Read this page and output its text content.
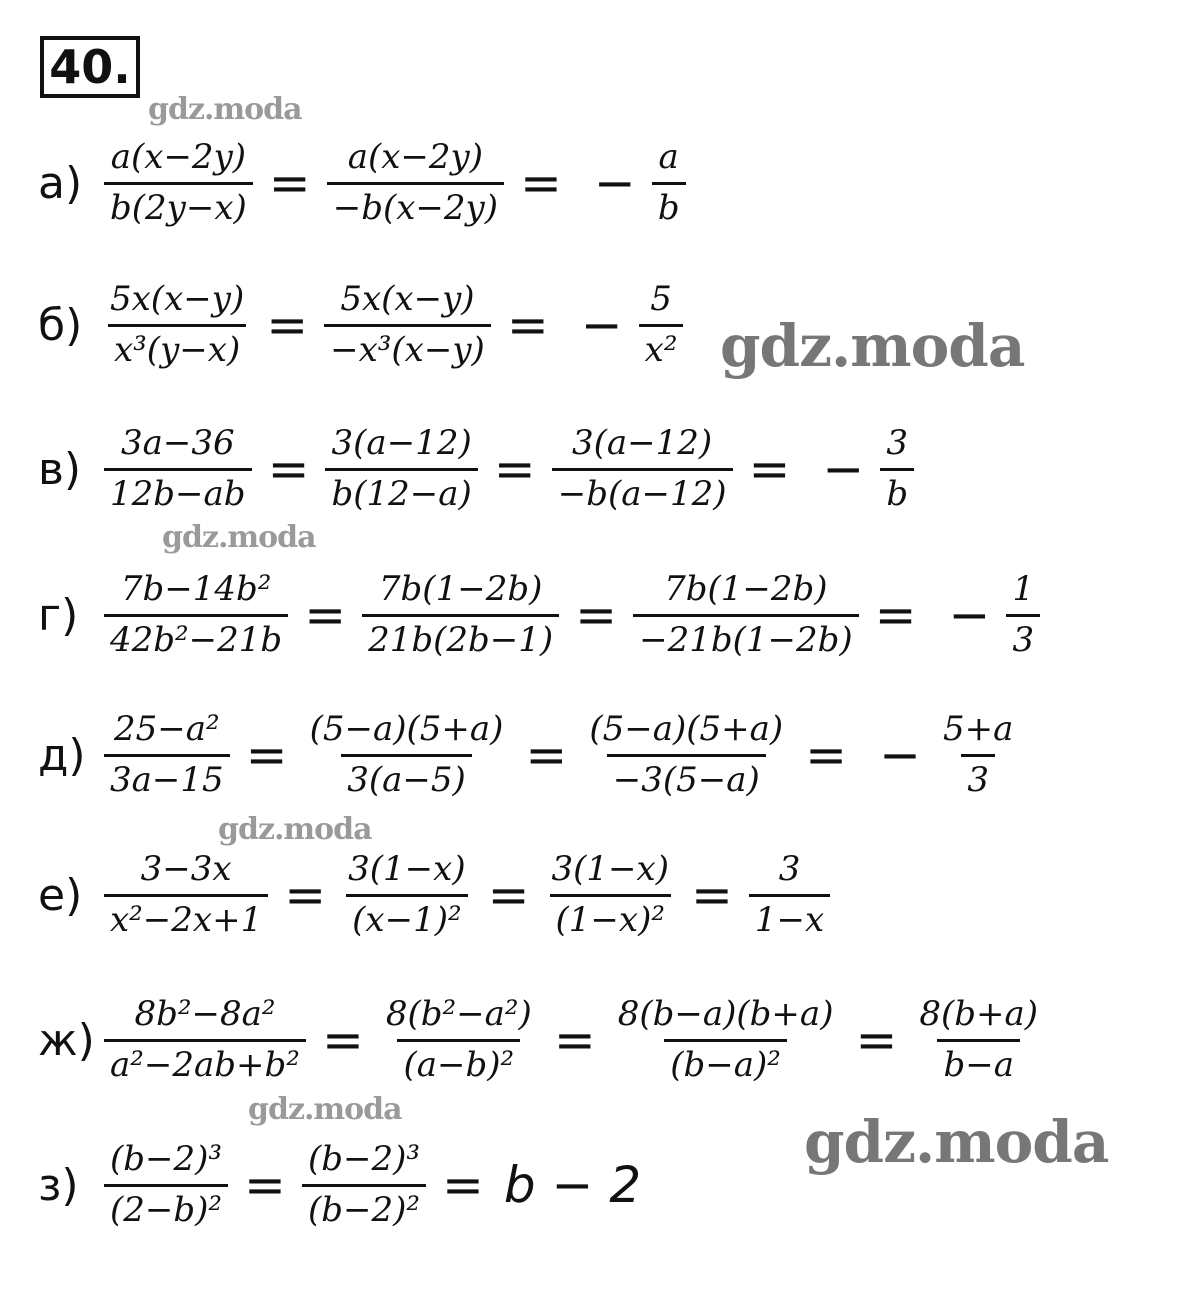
40.
gdz.moda
gdz.moda
gdz.moda
gdz.moda
gdz.moda	gdz.moda
$а) \frac{a(x-2y)}{b(2y-x)} = \frac{a(x-2y)}{-b(x-2y)}$ = − $\frac{a}{b}$
$б) \frac{5x(x-y)}{\text{x³(y−x)}} = \frac{5x(x-y)}{\text{−x³(x−y)}}$ = − $\frac{5}{\text{x²}}$
$в) \frac{3a-36}{12b-ab} = \frac{3(a-12)}{b(12-a)} = \frac{3(a-12)}{-b(a-12)}$ = − $\frac{3}{b}$
$г) \frac{\text{7b−14b²}}{\text{42b²−21b}} = \frac{7b(1-2b)}{21b(2b-1)} = \frac{7b(1-2b)}{-21b(1-2b)}$ = − $\frac{1}{3}$
$д) \frac{\text{25−a²}}{3a-15} = \frac{(5-a)(5+a)}{3(a-5)} = \frac{(5-a)(5+a)}{-3(5-a)}$ = − $\frac{5+a}{3}$
$е) \frac{3-3x}{\text{x²−2x+1}} = \frac{3(1-x)}{\text{(x−1)²}} = \frac{3(1-x)}{\text{(1−x)²}} = \frac{3}{1-x}$
$ж) \frac{\text{8b²−8a²}}{\text{a²−2ab+b²}} = \frac{\text{8(b²−a²)}}{\text{(a−b)²}} = \frac{8(b-a)(b+a)}{\text{(b−a)²}} = \frac{8(b+a)}{b-a}$
$з) \frac{\text{(b−2)³}}{\text{(2−b)²}} = \frac{\text{(b−2)³}}{\text{(b−2)²}} = b - 2$
